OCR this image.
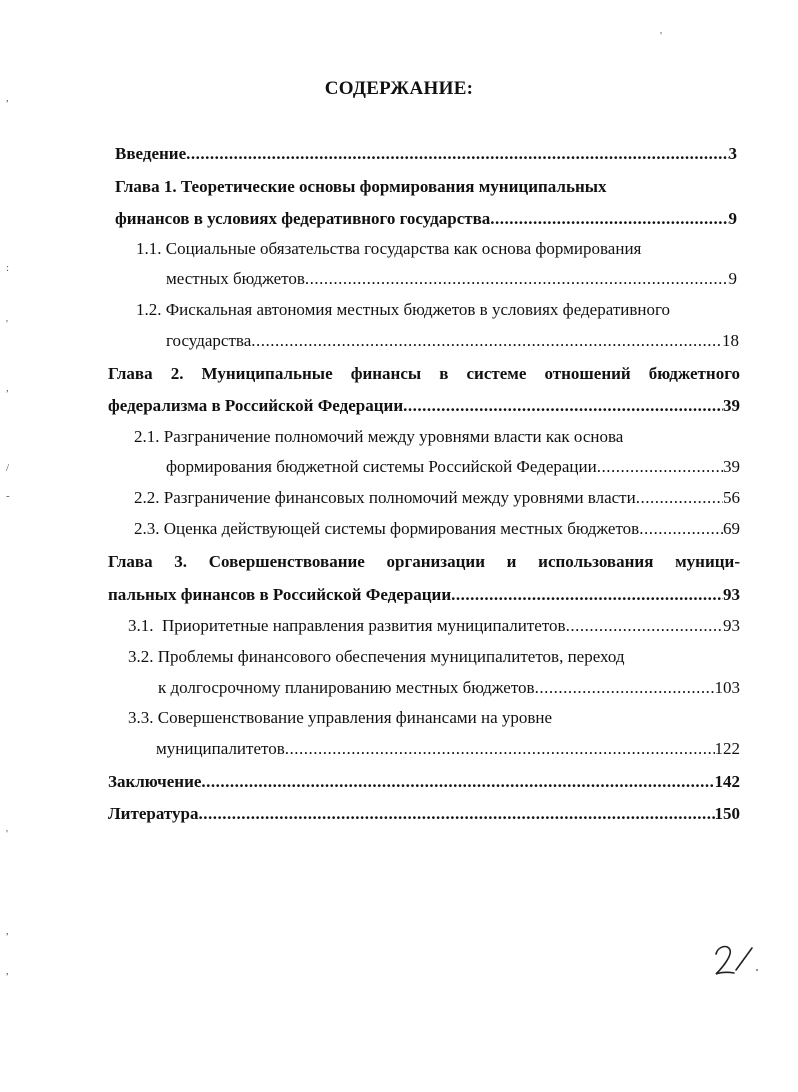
СОДЕРЖАНИЕ:
Введение .....	3
Глава 1. Теоретические основы формирования муниципальных
финансов в условиях федеративного государства .....	9
1.1. Социальные обязательства государства как основа формирования
местных бюджетов .....	9
1.2. Фискальная автономия местных бюджетов в условиях федеративного
государства .....	18
Глава 2. Муниципальные финансы в системе отношений бюджетного
федерализма в Российской Федерации .....	39
2.1. Разграничение полномочий между уровнями власти как основа
формирования бюджетной системы Российской Федерации .....	39
2.2. Разграничение финансовых полномочий между уровнями власти .....	56
2.3. Оценка действующей системы формирования местных бюджетов .....	69
Глава 3. Совершенствование организации и использования муници-
пальных финансов в Российской Федерации .....	93
3.1.  Приоритетные направления развития муниципалитетов .....	93
3.2. Проблемы финансового обеспечения муниципалитетов, переход
к долгосрочному планированию местных бюджетов .....	103
3.3. Совершенствование управления финансами на уровне
муниципалитетов .....	122
Заключение .....	142
Литература .....	150
,
:
'
,
/
-
'
,
,
'
